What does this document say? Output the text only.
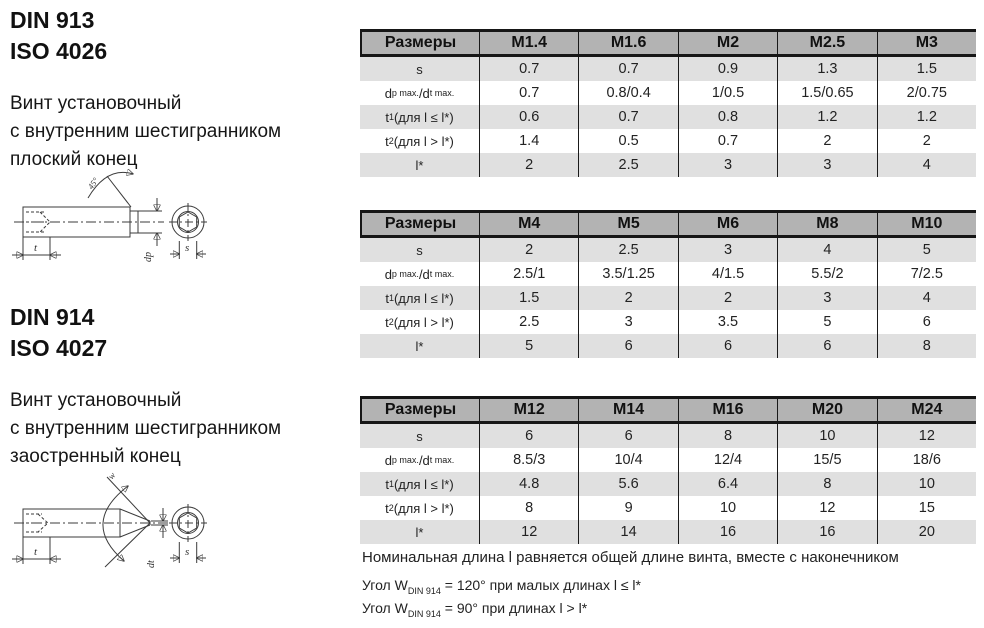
DIN 913
ISO 4026
Винт установочный
с внутренним шестигранником
плоский конец
45°
t
dp
s
DIN 914
ISO 4027
Винт установочный
с внутренним шестигранником
заостренный конец
w
t
dt
s
Размеры	M1.4	M1.6	M2	M2.5	M3
s	0.7	0.7	0.9	1.3	1.5
d p max. /d t max.	0.7	0.8/0.4	1/0.5	1.5/0.65	2/0.75
t 1 (для l ≤ l*)	0.6	0.7	0.8	1.2	1.2
t 2 (для l > l*)	1.4	0.5	0.7	2	2
l*	2	2.5	3	3	4
Размеры	M4	M5	M6	M8	M10
s	2	2.5	3	4	5
d p max. /d t max.	2.5/1	3.5/1.25	4/1.5	5.5/2	7/2.5
t 1 (для l ≤ l*)	1.5	2	2	3	4
t 2 (для l > l*)	2.5	3	3.5	5	6
l*	5	6	6	6	8
Размеры	M12	M14	M16	M20	M24
s	6	6	8	10	12
d p max. /d t max.	8.5/3	10/4	12/4	15/5	18/6
t 1 (для l ≤ l*)	4.8	5.6	6.4	8	10
t 2 (для l > l*)	8	9	10	12	15
l*	12	14	16	16	20
Номинальная длина l равняется общей длине винта, вместе с наконечником
Угол $W_{DIN 914} = 120^\circ$ при малых длинах l ≤ l*
Угол $W_{DIN 914} = 90^\circ$ при длинах l > l*
